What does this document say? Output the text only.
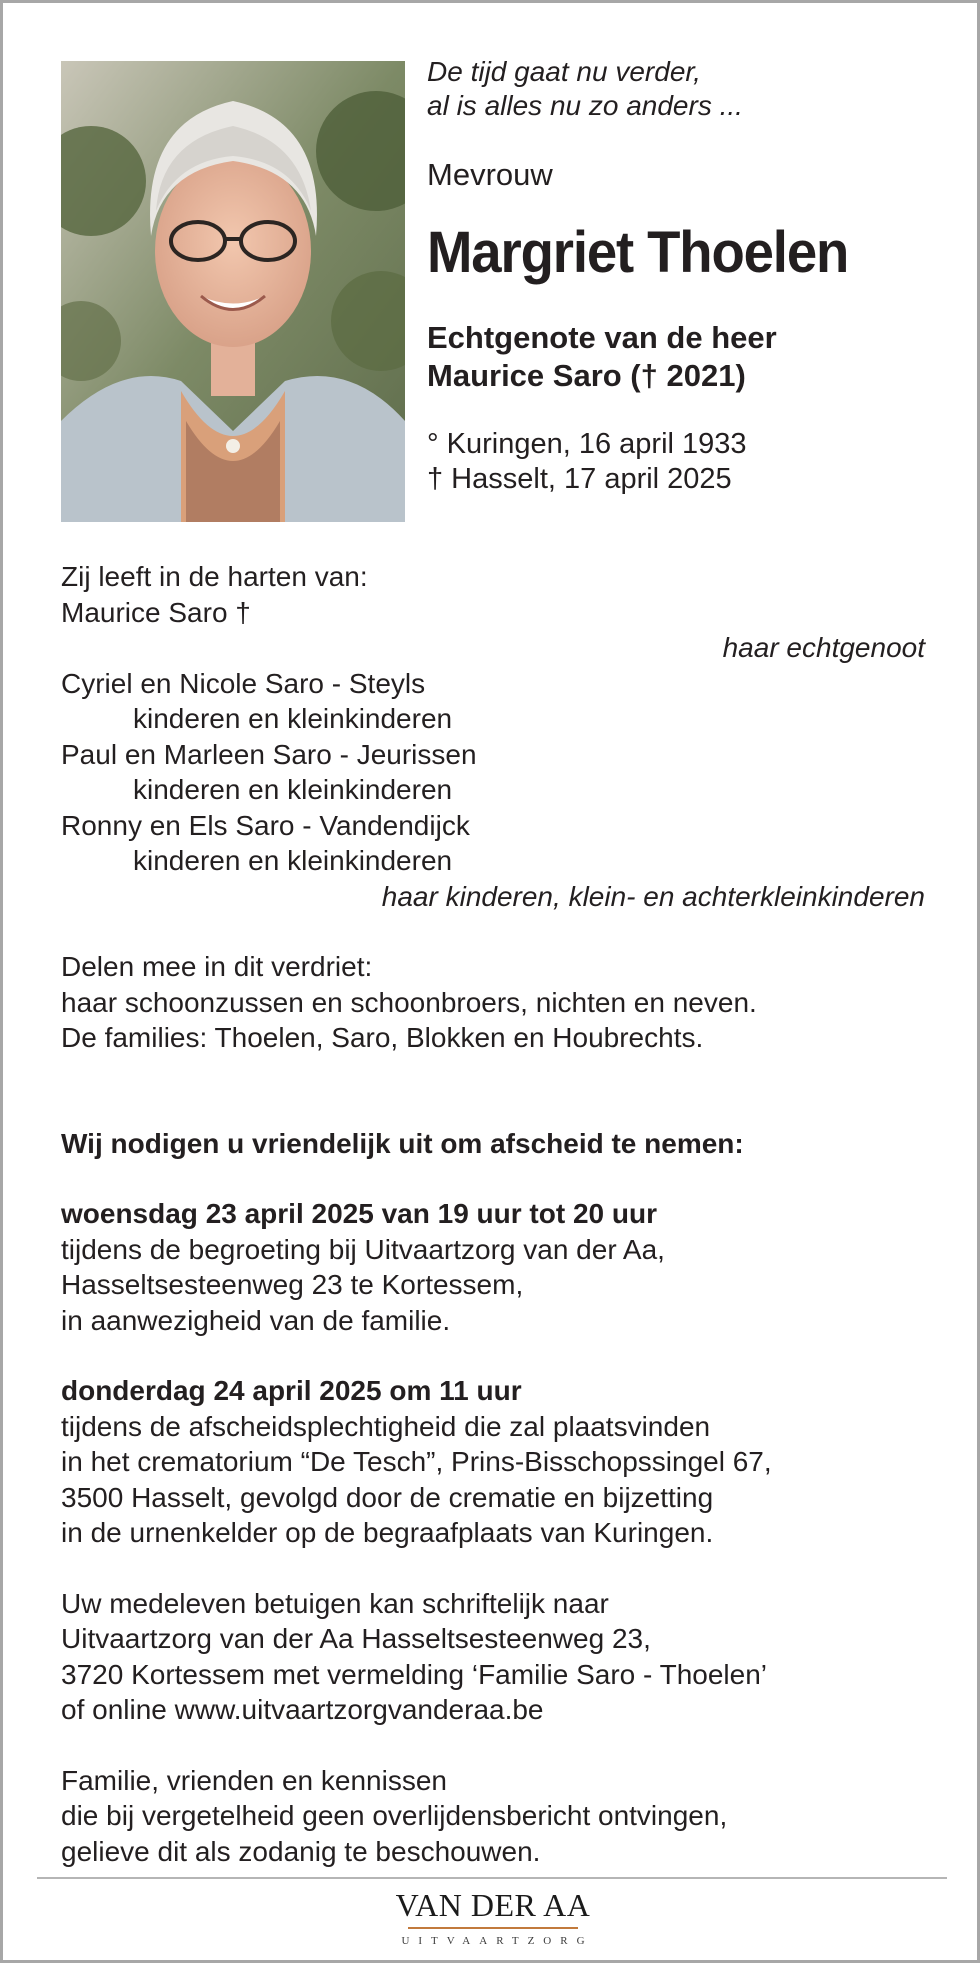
De tijd gaat nu verder,
al is alles nu zo anders ...

Mevrouw
Margriet Thoelen
Echtgenote van de heer
Maurice Saro († 2021)
° Kuringen, 16 april 1933
† Hasselt, 17 april 2025
Zij leeft in de harten van:
Maurice Saro †
haar echtgenoot
Cyriel en Nicole Saro - Steyls
kinderen en kleinkinderen
Paul en Marleen Saro - Jeurissen
kinderen en kleinkinderen
Ronny en Els Saro - Vandendijck
kinderen en kleinkinderen
haar kinderen, klein- en achterkleinkinderen
Delen mee in dit verdriet:
haar schoonzussen en schoonbroers, nichten en neven.
De families: Thoelen, Saro, Blokken en Houbrechts.
Wij nodigen u vriendelijk uit om afscheid te nemen:
woensdag 23 april 2025 van 19 uur tot 20 uur
tijdens de begroeting bij Uitvaartzorg van der Aa,
Hasseltsesteenweg 23 te Kortessem,
in aanwezigheid van de familie.
donderdag 24 april 2025 om 11 uur
tijdens de afscheidsplechtigheid die zal plaatsvinden
in het crematorium “De Tesch”, Prins-Bisschopssingel 67,
3500 Hasselt, gevolgd door de crematie en bijzetting
in de urnenkelder op de begraafplaats van Kuringen.
Uw medeleven betuigen kan schriftelijk naar
Uitvaartzorg van der Aa Hasseltsesteenweg 23,
3720 Kortessem met vermelding ‘Familie Saro - Thoelen’
of online www.uitvaartzorgvanderaa.be
Familie, vrienden en kennissen
die bij vergetelheid geen overlijdensbericht ontvingen,
gelieve dit als zodanig te beschouwen.
VAN DER AA
UITVAARTZORG
